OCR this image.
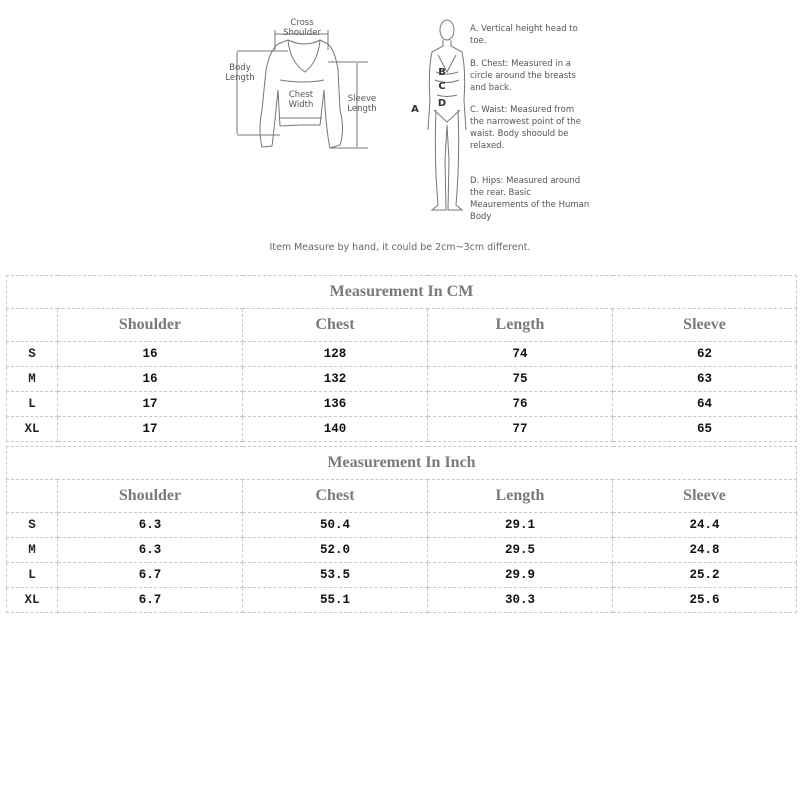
Cross Shoulder
Body Length
Chest Width
Sleeve Length	A
B
C
D
A. Vertical height head to toe.
B. Chest: Measured in a circle around the breasts and back.
C. Waist: Measured from the narrowest point of the waist. Body shoould be relaxed.
D. Hips: Measured around the rear. Basic Meaurements of the Human Body
Item Measure by hand, it could be 2cm~3cm different.
Measurement In CM				
	Shoulder	Chest	Length	Sleeve
S	16	128	74	62
M	16	132	75	63
L	17	136	76	64
XL	17	140	77	65
Measurement In Inch				
	Shoulder	Chest	Length	Sleeve
S	6.3	50.4	29.1	24.4
M	6.3	52.0	29.5	24.8
L	6.7	53.5	29.9	25.2
XL	6.7	55.1	30.3	25.6
